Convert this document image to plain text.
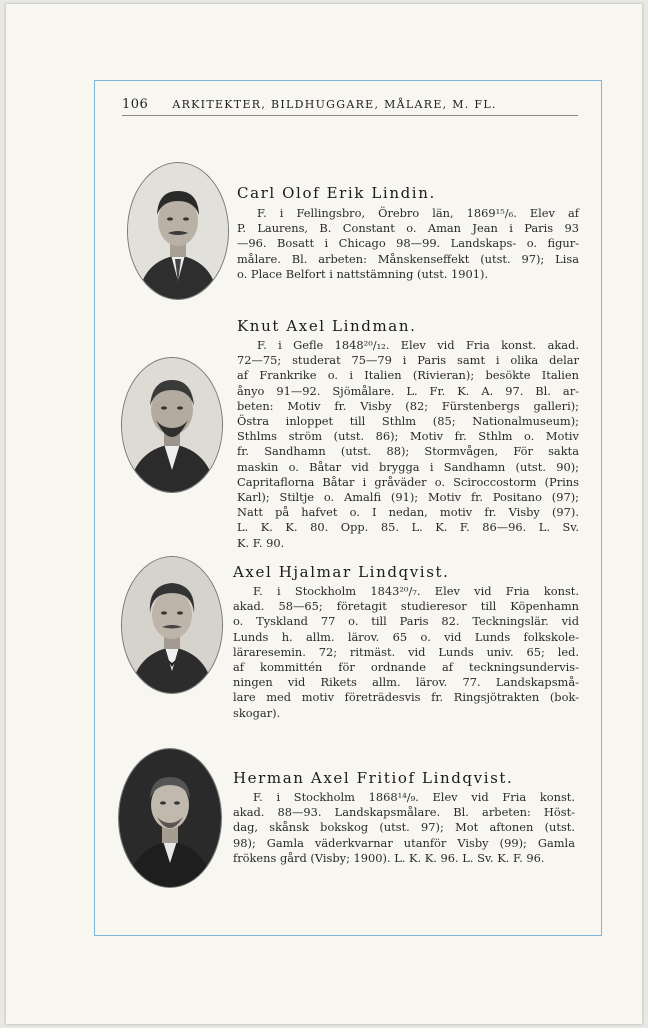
106 ARKITEKTER, BILDHUGGARE, MÅLARE, M. FL.
Carl Olof Erik Lindin.
F. i Fellingsbro, Örebro län, 1869¹⁵/₆. Elev af
P. Laurens, B. Constant o. Aman Jean i Paris 93
—96. Bosatt i Chicago 98—99. Landskaps- o. figur-
målare. Bl. arbeten: Månskenseffekt (utst. 97); Lisa
o. Place Belfort i nattstämning (utst. 1901).
Knut Axel Lindman.
F. i Gefle 1848²⁰/₁₂. Elev vid Fria konst. akad.
72—75; studerat 75—79 i Paris samt i olika delar
af Frankrike o. i Italien (Rivieran); besökte Italien
ånyo 91—92. Sjömålare. L. Fr. K. A. 97. Bl. ar-
beten: Motiv fr. Visby (82; Fürstenbergs galleri);
Östra inloppet till Sthlm (85; Nationalmuseum);
Sthlms ström (utst. 86); Motiv fr. Sthlm o. Motiv
fr. Sandhamn (utst. 88); Stormvågen, För sakta
maskin o. Båtar vid brygga i Sandhamn (utst. 90);
Capritaflorna Båtar i gråväder o. Sciroccostorm (Prins
Karl); Stiltje o. Amalfi (91); Motiv fr. Positano (97);
Natt på hafvet o. I nedan, motiv fr. Visby (97).
L. K. K. 80. Opp. 85. L. K. F. 86—96. L. Sv.
K. F. 90.
Axel Hjalmar Lindqvist.
F. i Stockholm 1843²⁰/₇. Elev vid Fria konst.
akad. 58—65; företagit studieresor till Köpenhamn
o. Tyskland 77 o. till Paris 82. Teckningslär. vid
Lunds h. allm. lärov. 65 o. vid Lunds folkskole-
läraresemin. 72; ritmäst. vid Lunds univ. 65; led.
af kommittén för ordnande af teckningsundervis-
ningen vid Rikets allm. lärov. 77. Landskapsmå-
lare med motiv företrädesvis fr. Ringsjötrakten (bok-
skogar).
Herman Axel Fritiof Lindqvist.
F. i Stockholm 1868¹⁴/₉. Elev vid Fria konst.
akad. 88—93. Landskapsmålare. Bl. arbeten: Höst-
dag, skånsk bokskog (utst. 97); Mot aftonen (utst.
98); Gamla väderkvarnar utanför Visby (99); Gamla
frökens gård (Visby; 1900). L. K. K. 96. L. Sv. K. F. 96.
